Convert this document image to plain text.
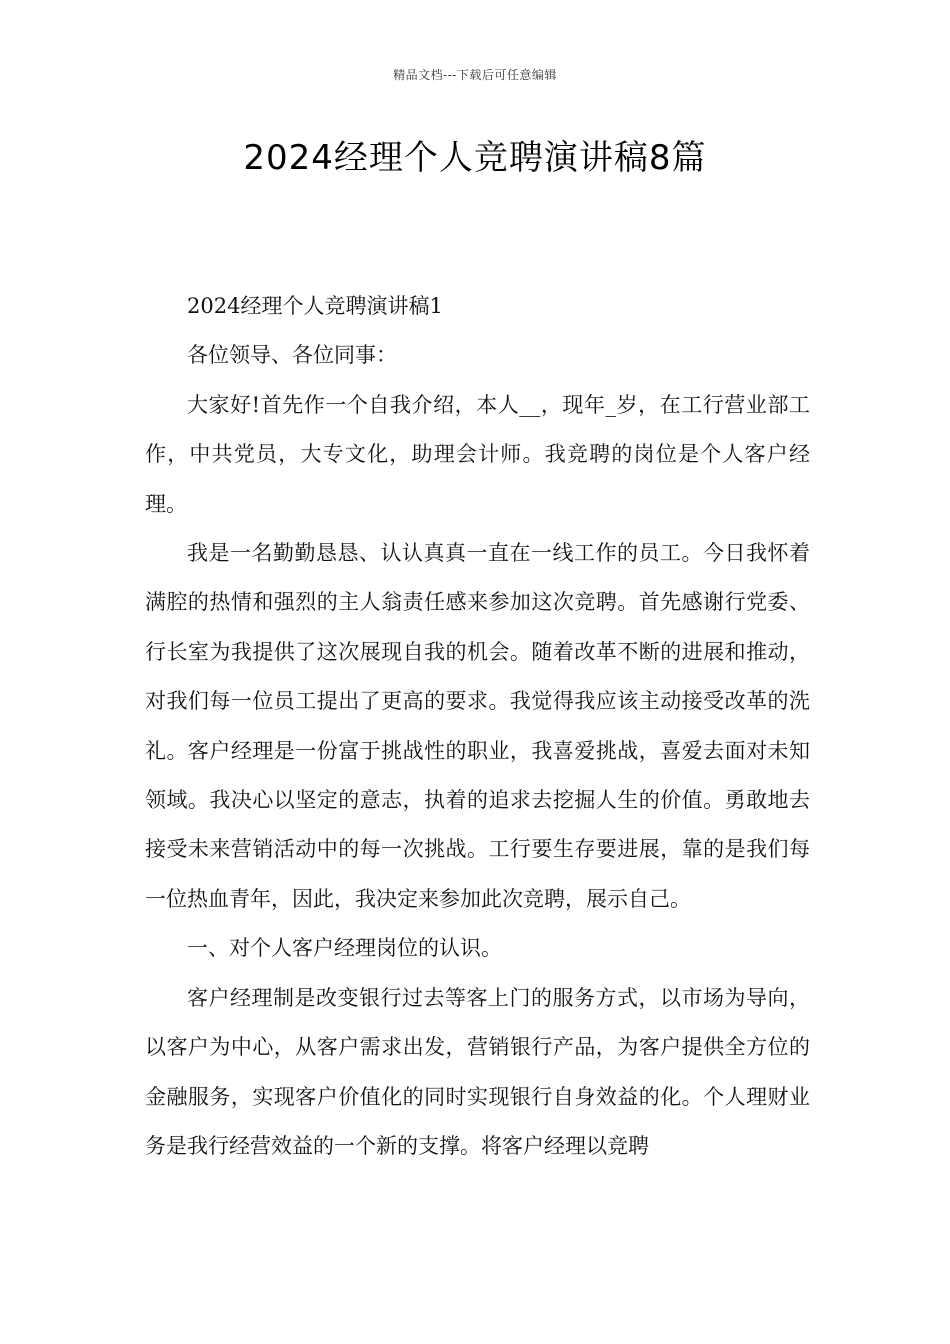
精品文档---下载后可任意编辑
2024经理个人竞聘演讲稿8篇

2024经理个人竞聘演讲稿1

各位领导、各位同事：

大家好!首先作一个自我介绍，本人__，现年_岁，在工行营业部工作，中共党员，大专文化，助理会计师。我竞聘的岗位是个人客户经理。

我是一名勤勤恳恳、认认真真一直在一线工作的员工。今日我怀着满腔的热情和强烈的主人翁责任感来参加这次竞聘。首先感谢行党委、行长室为我提供了这次展现自我的机会。随着改革不断的进展和推动，对我们每一位员工提出了更高的要求。我觉得我应该主动接受改革的洗礼。客户经理是一份富于挑战性的职业，我喜爱挑战，喜爱去面对未知领域。我决心以坚定的意志，执着的追求去挖掘人生的价值。勇敢地去接受未来营销活动中的每一次挑战。工行要生存要进展，靠的是我们每一位热血青年，因此，我决定来参加此次竞聘，展示自己。

一、对个人客户经理岗位的认识。

客户经理制是改变银行过去等客上门的服务方式，以市场为导向，以客户为中心，从客户需求出发，营销银行产品，为客户提供全方位的金融服务，实现客户价值化的同时实现银行自身效益的化。个人理财业务是我行经营效益的一个新的支撑。将客户经理以竞聘
